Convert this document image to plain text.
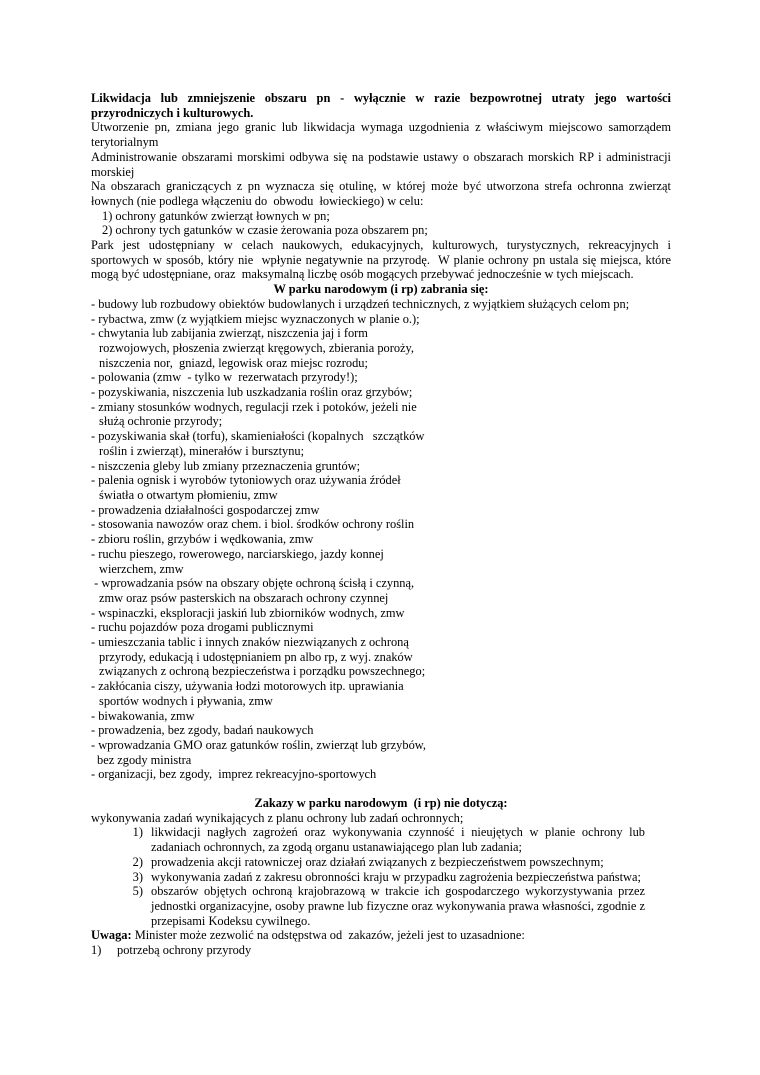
Likwidacja lub zmniejszenie obszaru pn - wyłącznie w razie bezpowrotnej utraty jego wartości przyrodniczych i kulturowych.

Utworzenie pn, zmiana jego granic lub likwidacja wymaga uzgodnienia z właściwym miejscowo samorządem terytorialnym

Administrowanie obszarami morskimi odbywa się na podstawie ustawy o obszarach morskich RP i administracji morskiej

Na obszarach graniczących z pn wyznacza się otulinę, w której może być utworzona strefa ochronna zwierząt łownych (nie podlega włączeniu do  obwodu  łowieckiego) w celu:

1) ochrony gatunków zwierząt łownych w pn;

2) ochrony tych gatunków w czasie żerowania poza obszarem pn;

Park jest udostępniany w celach naukowych, edukacyjnych, kulturowych, turystycznych, rekreacyjnych i sportowych w sposób, który nie  wpłynie negatywnie na przyrodę.  W planie ochrony pn ustala się miejsca, które mogą być udostępniane, oraz  maksymalną liczbę osób mogących przebywać jednocześnie w tych miejscach.

W parku narodowym (i rp) zabrania się:

- budowy lub rozbudowy obiektów budowlanych i urządzeń technicznych, z wyjątkiem służących celom pn;

- rybactwa, zmw (z wyjątkiem miejsc wyznaczonych w planie o.);

- chwytania lub zabijania zwierząt, niszczenia jaj i form

rozwojowych, płoszenia zwierząt kręgowych, zbierania poroży,

niszczenia nor,  gniazd, legowisk oraz miejsc rozrodu;

- polowania (zmw  - tylko w  rezerwatach przyrody!);

- pozyskiwania, niszczenia lub uszkadzania roślin oraz grzybów;

- zmiany stosunków wodnych, regulacji rzek i potoków, jeżeli nie

służą ochronie przyrody;

- pozyskiwania skał (torfu), skamieniałości (kopalnych   szczątków

roślin i zwierząt), minerałów i bursztynu;

- niszczenia gleby lub zmiany przeznaczenia gruntów;

- palenia ognisk i wyrobów tytoniowych oraz używania źródeł

światła o otwartym płomieniu, zmw

- prowadzenia działalności gospodarczej zmw

- stosowania nawozów oraz chem. i biol. środków ochrony roślin

- zbioru roślin, grzybów i wędkowania, zmw

- ruchu pieszego, rowerowego, narciarskiego, jazdy konnej

wierzchem, zmw

- wprowadzania psów na obszary objęte ochroną ścisłą i czynną,

zmw oraz psów pasterskich na obszarach ochrony czynnej

- wspinaczki, eksploracji jaskiń lub zbiorników wodnych, zmw

- ruchu pojazdów poza drogami publicznymi

- umieszczania tablic i innych znaków niezwiązanych z ochroną

przyrody, edukacją i udostępnianiem pn albo rp, z wyj. znaków

związanych z ochroną bezpieczeństwa i porządku powszechnego;

- zakłócania ciszy, używania łodzi motorowych itp. uprawiania

sportów wodnych i pływania, zmw

- biwakowania, zmw

- prowadzenia, bez zgody, badań naukowych

- wprowadzania GMO oraz gatunków roślin, zwierząt lub grzybów,

bez zgody ministra

- organizacji, bez zgody,  imprez rekreacyjno-sportowych

Zakazy w parku narodowym  (i rp) nie dotyczą:

wykonywania zadań wynikających z planu ochrony lub zadań ochronnych;

1) likwidacji nagłych zagrożeń oraz wykonywania czynność i nieujętych w planie ochrony lub zadaniach ochronnych, za zgodą organu ustanawiającego plan lub zadania;
2) prowadzenia akcji ratowniczej oraz działań związanych z bezpieczeństwem powszechnym;
3) wykonywania zadań z zakresu obronności kraju w przypadku zagrożenia bezpieczeństwa państwa;
5) obszarów objętych ochroną krajobrazową w trakcie ich gospodarczego wykorzystywania przez jednostki organizacyjne, osoby prawne lub fizyczne oraz wykonywania prawa własności, zgodnie z przepisami Kodeksu cywilnego.

Uwaga: Minister może zezwolić na odstępstwa od  zakazów, jeżeli jest to uzasadnione:

1)	potrzebą ochrony przyrody
